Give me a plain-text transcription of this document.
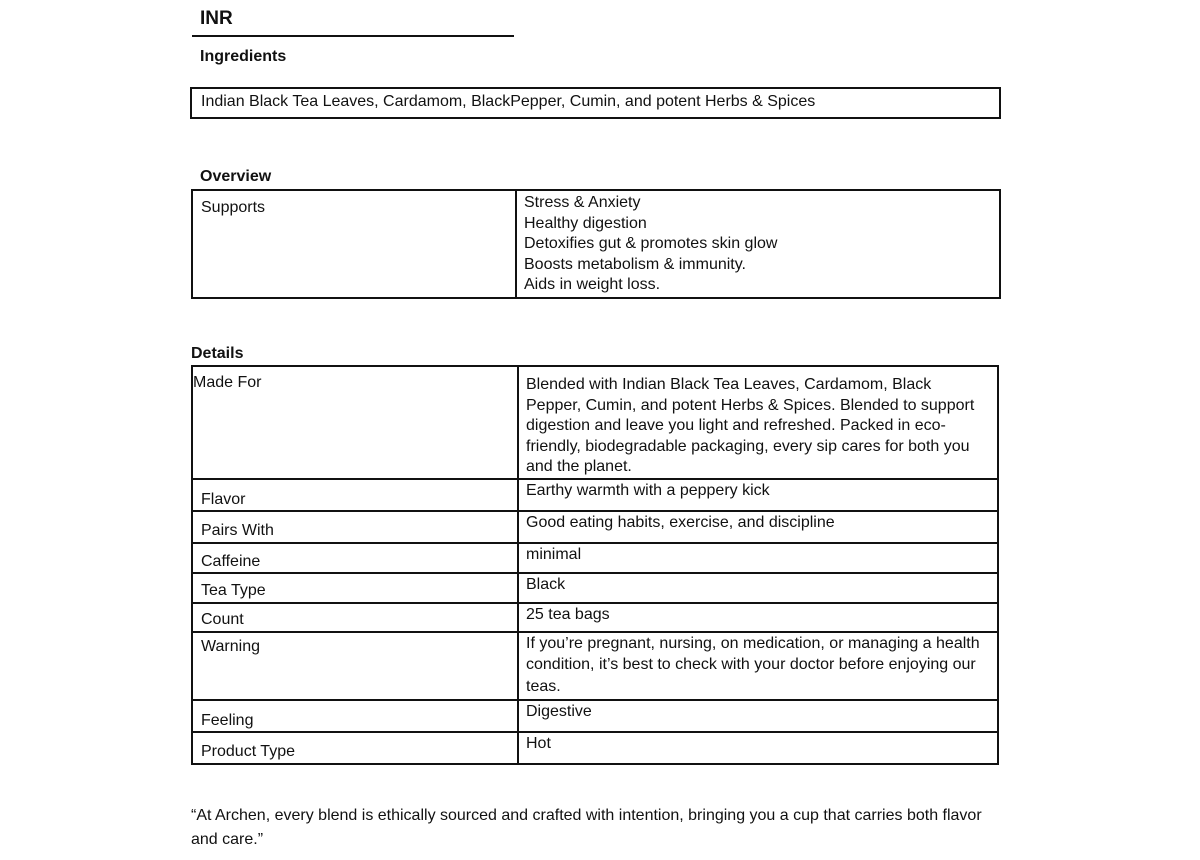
INR
Ingredients
Indian Black Tea Leaves, Cardamom, BlackPepper, Cumin, and potent Herbs & Spices
Overview
Supports	Stress & Anxiety
Healthy digestion
Detoxifies gut & promotes skin glow
Boosts metabolism & immunity.
Aids in weight loss.
Details
Made For	Blended with Indian Black Tea Leaves, Cardamom, Black Pepper, Cumin, and potent Herbs & Spices. Blended to support digestion and leave you light and refreshed. Packed in eco-friendly, biodegradable packaging, every sip cares for both you and the planet.
Flavor	Earthy warmth with a peppery kick
Pairs With	Good eating habits, exercise, and discipline
Caffeine	minimal
Tea Type	Black
Count	25 tea bags
Warning	If you’re pregnant, nursing, on medication, or managing a health condition, it’s best to check with your doctor before enjoying our teas.
Feeling	Digestive
Product Type	Hot
“At Archen, every blend is ethically sourced and crafted with intention, bringing you a cup that carries both flavor and care.”
